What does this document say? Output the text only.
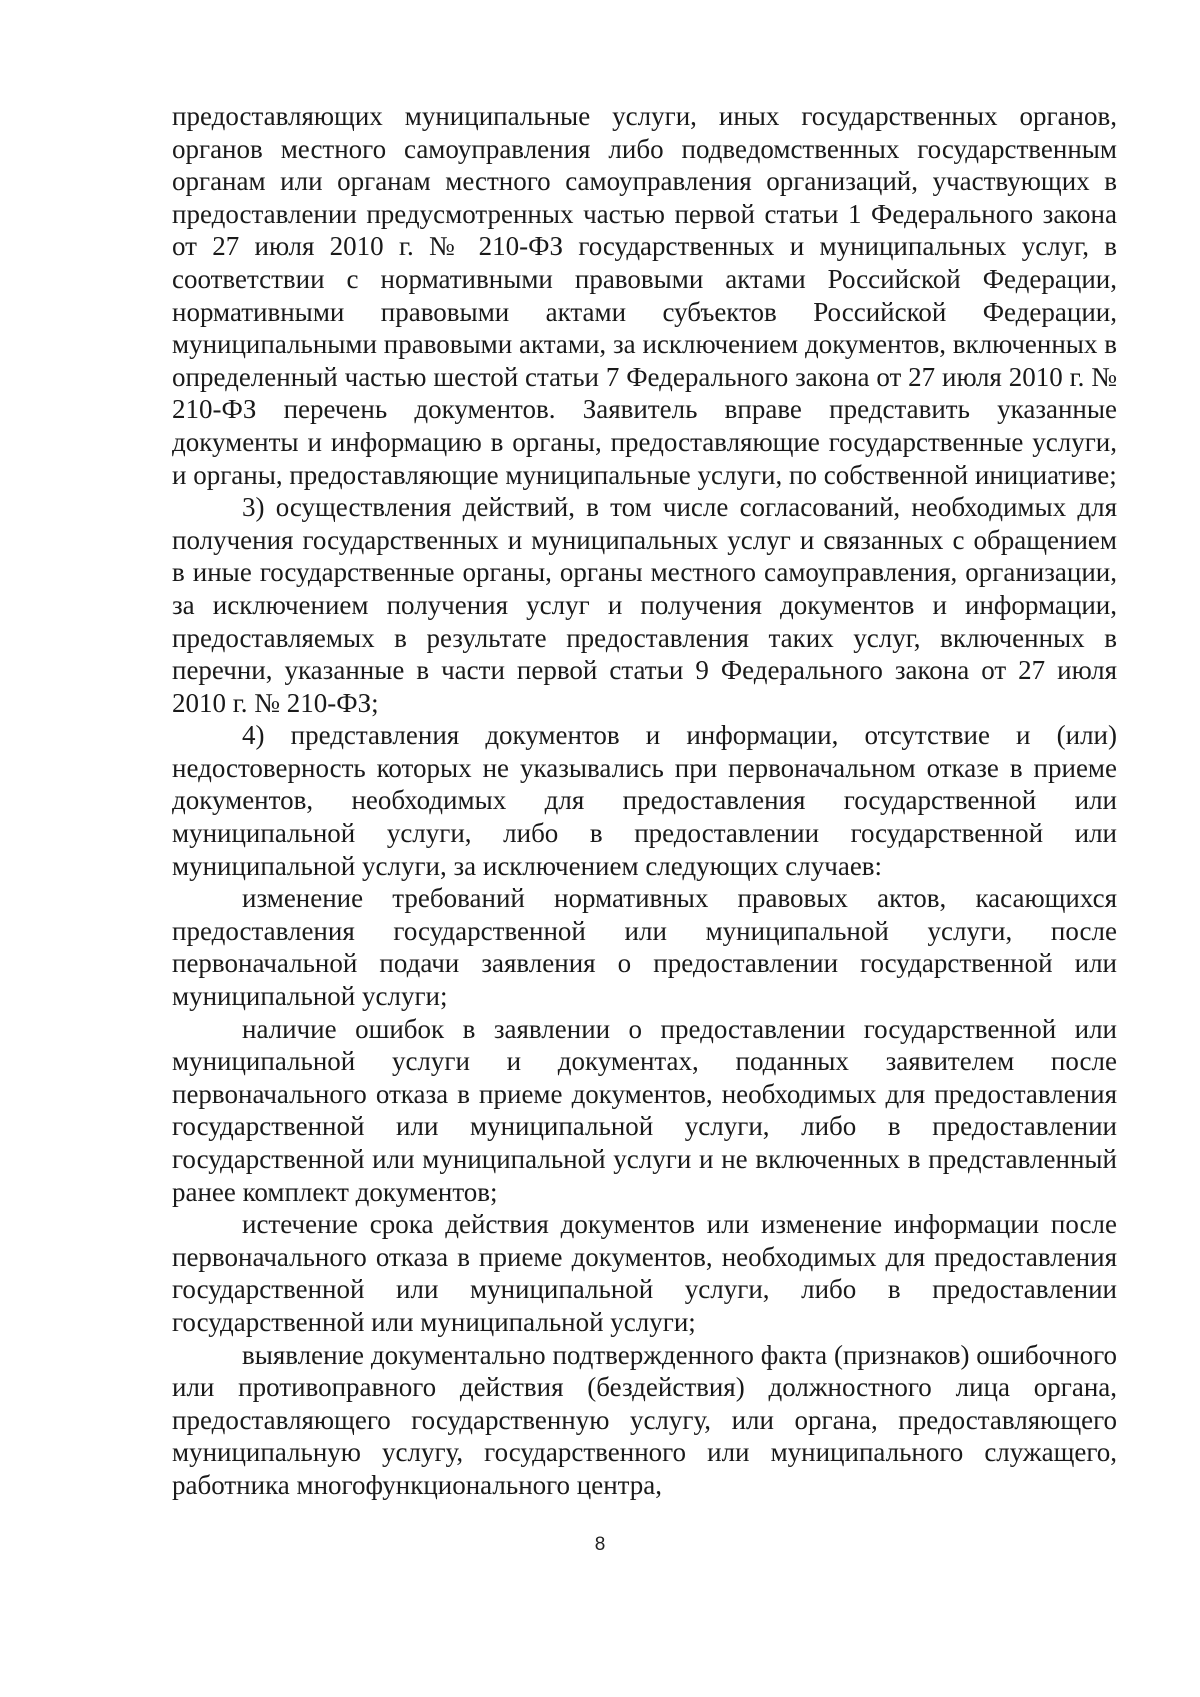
предоставляющих муниципальные услуги, иных государственных органов, органов местного самоуправления либо подведомственных государственным органам или органам местного самоуправления организаций, участвующих в предоставлении предусмотренных частью первой статьи 1 Федерального закона от 27 июля 2010 г. № 210-ФЗ государственных и муниципальных услуг, в соответствии с нормативными правовыми актами Российской Федерации, нормативными правовыми актами субъектов Российской Федерации, муниципальными правовыми актами, за исключением документов, включенных в определенный частью шестой статьи 7 Федерального закона от 27 июля 2010 г. № 210-ФЗ перечень документов. Заявитель вправе представить указанные документы и информацию в органы, предоставляющие государственные услуги, и органы, предоставляющие муниципальные услуги, по собственной инициативе;

3) осуществления действий, в том числе согласований, необходимых для получения государственных и муниципальных услуг и связанных с обращением в иные государственные органы, органы местного самоуправления, организации, за исключением получения услуг и получения документов и информации, предоставляемых в результате предоставления таких услуг, включенных в перечни, указанные в части первой статьи 9 Федерального закона от 27 июля 2010 г. № 210-ФЗ;

4) представления документов и информации, отсутствие и (или) недостоверность которых не указывались при первоначальном отказе в приеме документов, необходимых для предоставления государственной или муниципальной услуги, либо в предоставлении государственной или муниципальной услуги, за исключением следующих случаев:

изменение требований нормативных правовых актов, касающихся предоставления государственной или муниципальной услуги, после первоначальной подачи заявления о предоставлении государственной или муниципальной услуги;

наличие ошибок в заявлении о предоставлении государственной или муниципальной услуги и документах, поданных заявителем после первоначального отказа в приеме документов, необходимых для предоставления государственной или муниципальной услуги, либо в предоставлении государственной или муниципальной услуги и не включенных в представленный ранее комплект документов;

истечение срока действия документов или изменение информации после первоначального отказа в приеме документов, необходимых для предоставления государственной или муниципальной услуги, либо в предоставлении государственной или муниципальной услуги;

выявление документально подтвержденного факта (признаков) ошибочного или противоправного действия (бездействия) должностного лица органа, предоставляющего государственную услугу, или органа, предоставляющего муниципальную услугу, государственного или муниципального служащего, работника многофункционального центра,

8
